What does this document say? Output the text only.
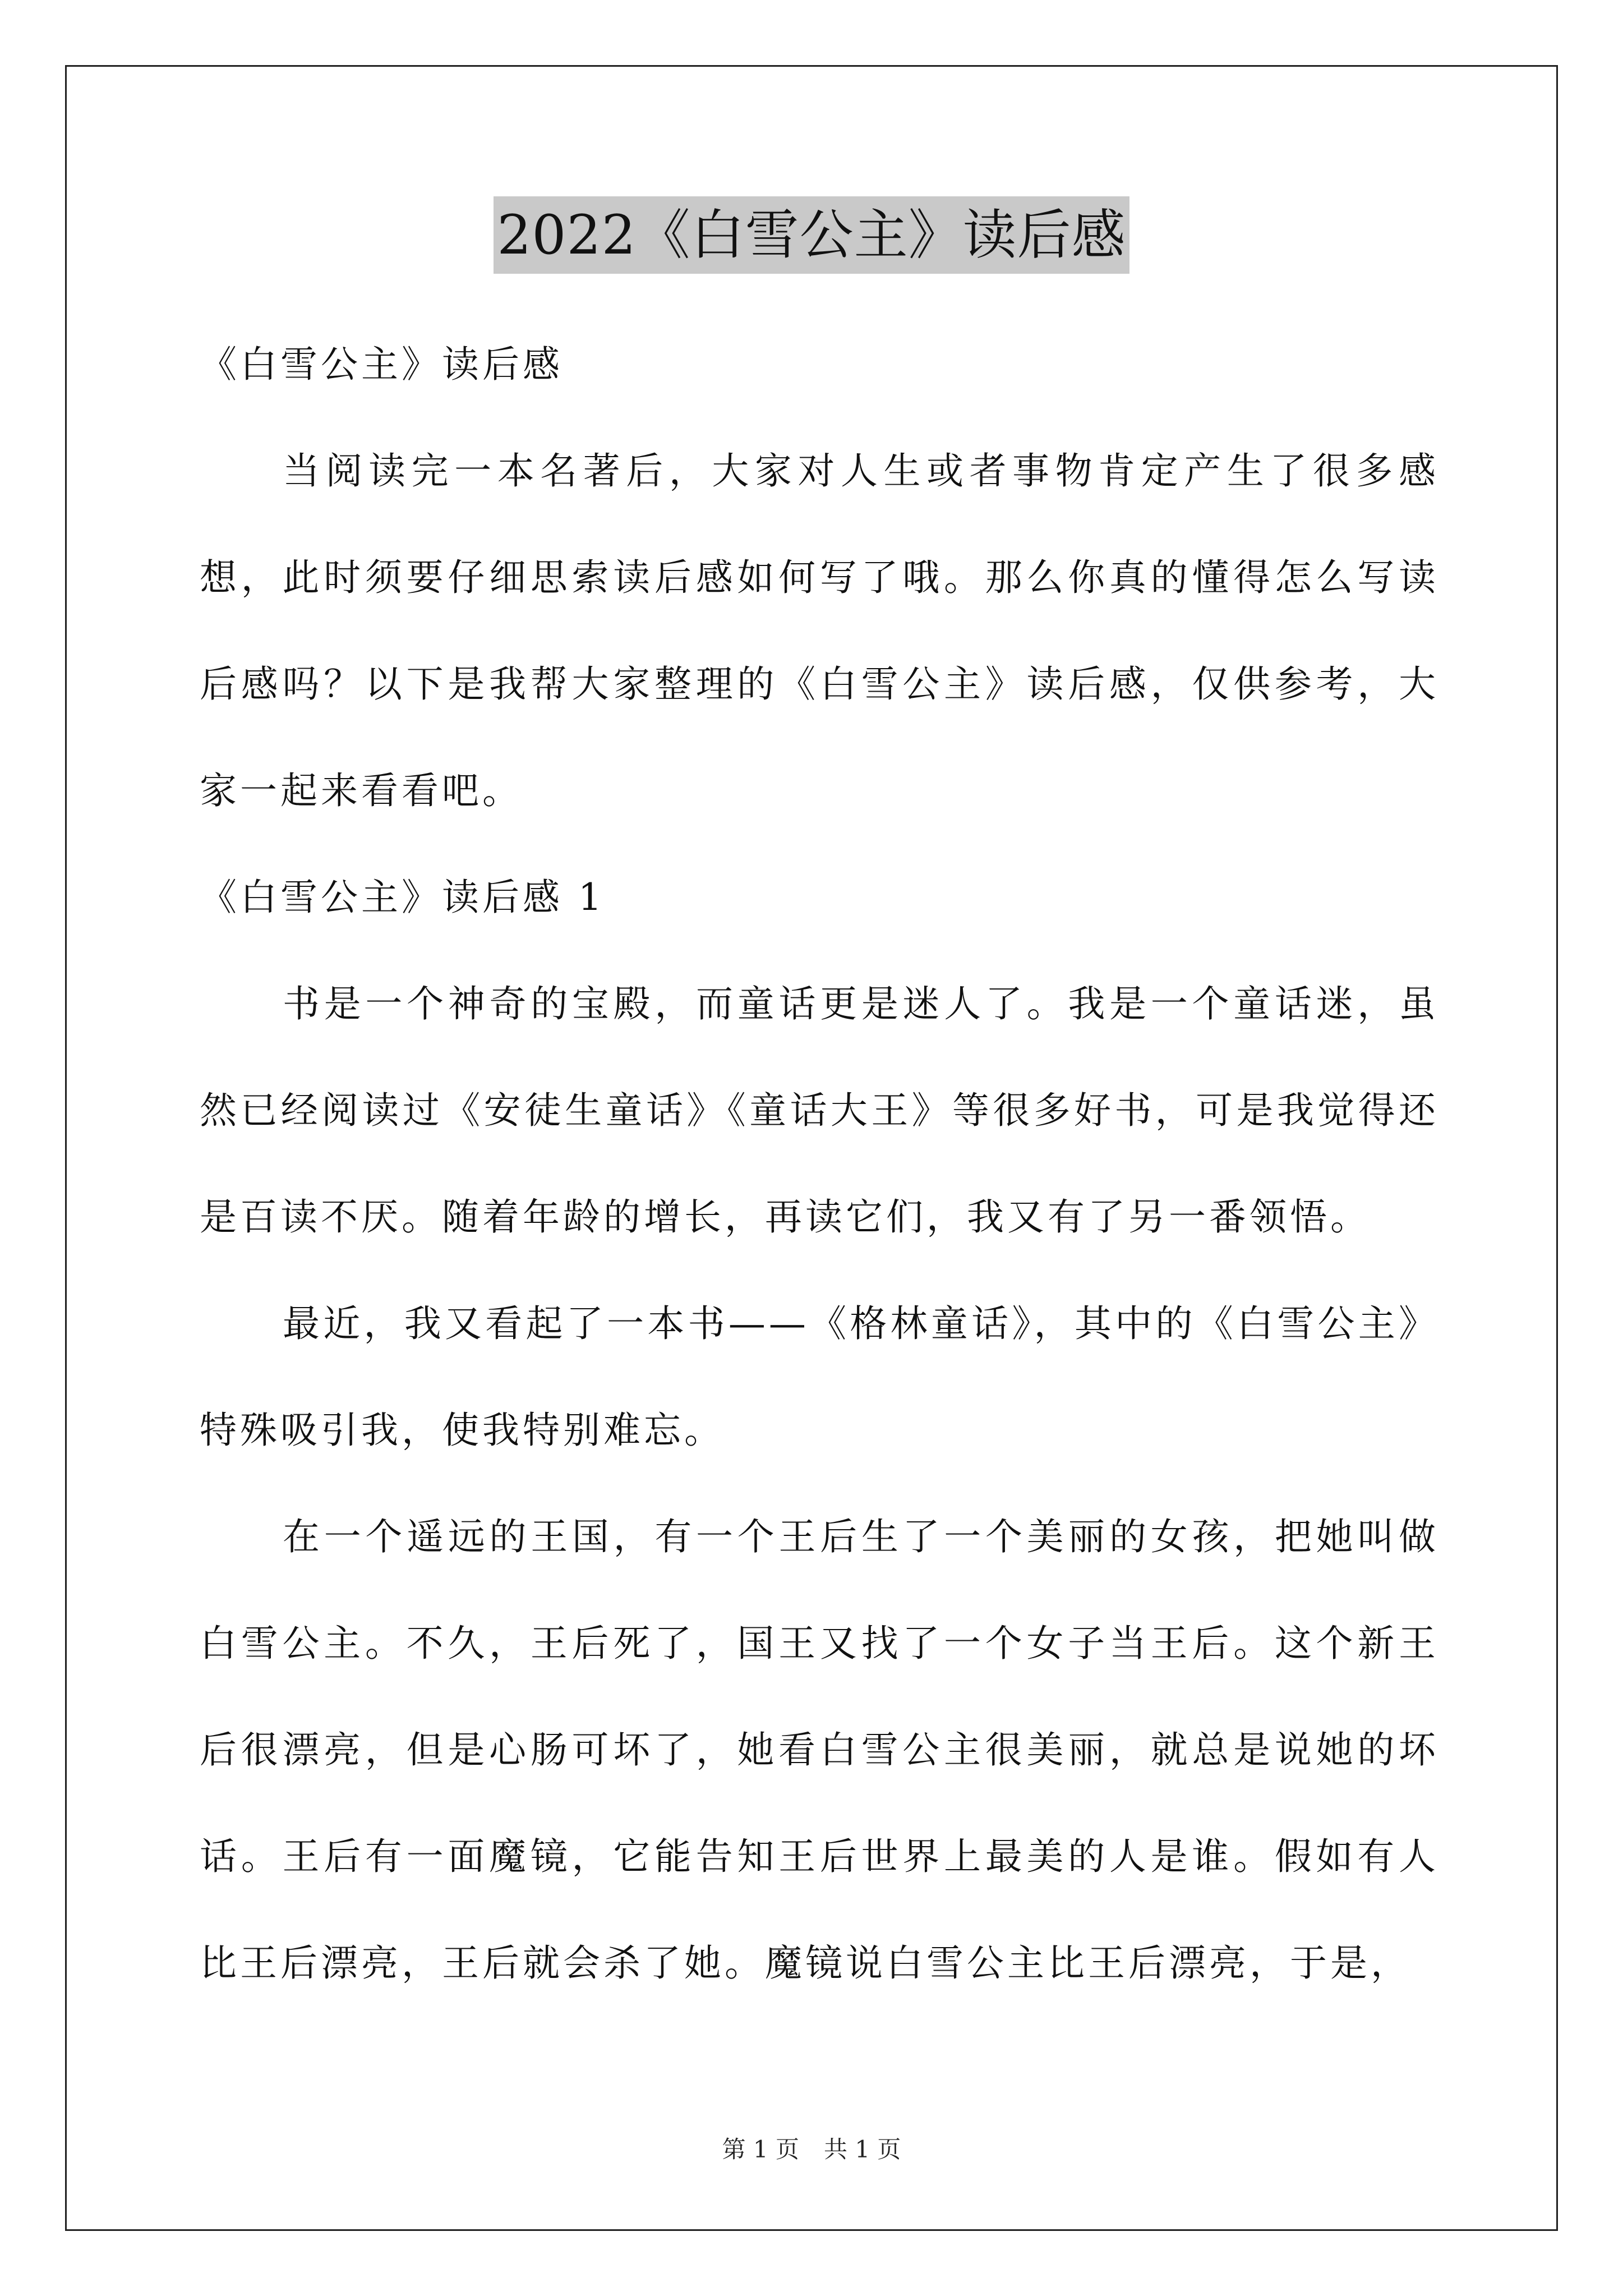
2022《白雪公主》读后感

《白雪公主》读后感

当阅读完一本名著后，大家对人生或者事物肯定产生了很多感想，此时须要仔细思索读后感如何写了哦。那么你真的懂得怎么写读后感吗？以下是我帮大家整理的《白雪公主》读后感，仅供参考，大家一起来看看吧。

《白雪公主》读后感 1

书是一个神奇的宝殿，而童话更是迷人了。我是一个童话迷，虽然已经阅读过《安徒生童话》《童话大王》等很多好书，可是我觉得还是百读不厌。随着年龄的增长，再读它们，我又有了另一番领悟。

最近，我又看起了一本书——《格林童话》，其中的《白雪公主》特殊吸引我，使我特别难忘。

在一个遥远的王国，有一个王后生了一个美丽的女孩，把她叫做白雪公主。不久，王后死了，国王又找了一个女子当王后。这个新王后很漂亮，但是心肠可坏了，她看白雪公主很美丽，就总是说她的坏话。王后有一面魔镜，它能告知王后世界上最美的人是谁。假如有人比王后漂亮，王后就会杀了她。魔镜说白雪公主比王后漂亮，于是，

第 1 页 共 1 页
